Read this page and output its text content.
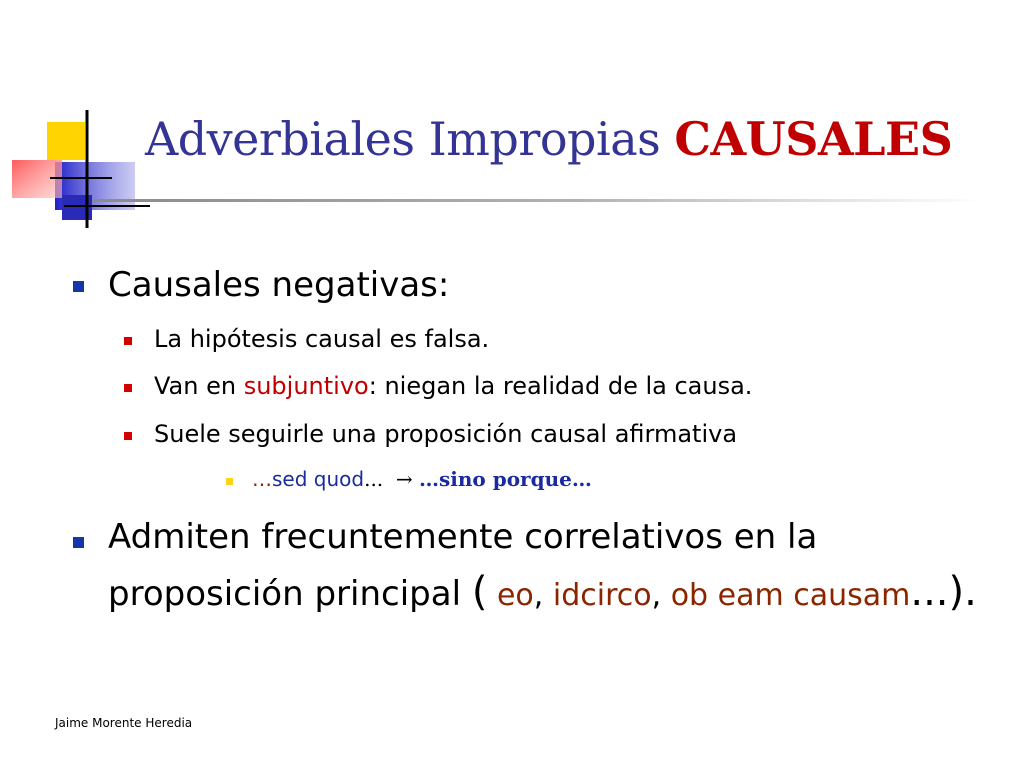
Adverbiales Impropias CAUSALES
Causales negativas:
La hipótesis causal es falsa.
Van en subjuntivo: niegan la realidad de la causa.
Suele seguirle una proposición causal afirmativa
…sed quod... → …sino porque…
Admiten frecuntemente correlativos en la
proposición principal ( eo, idcirco, ob eam causam...).
Jaime Morente Heredia
